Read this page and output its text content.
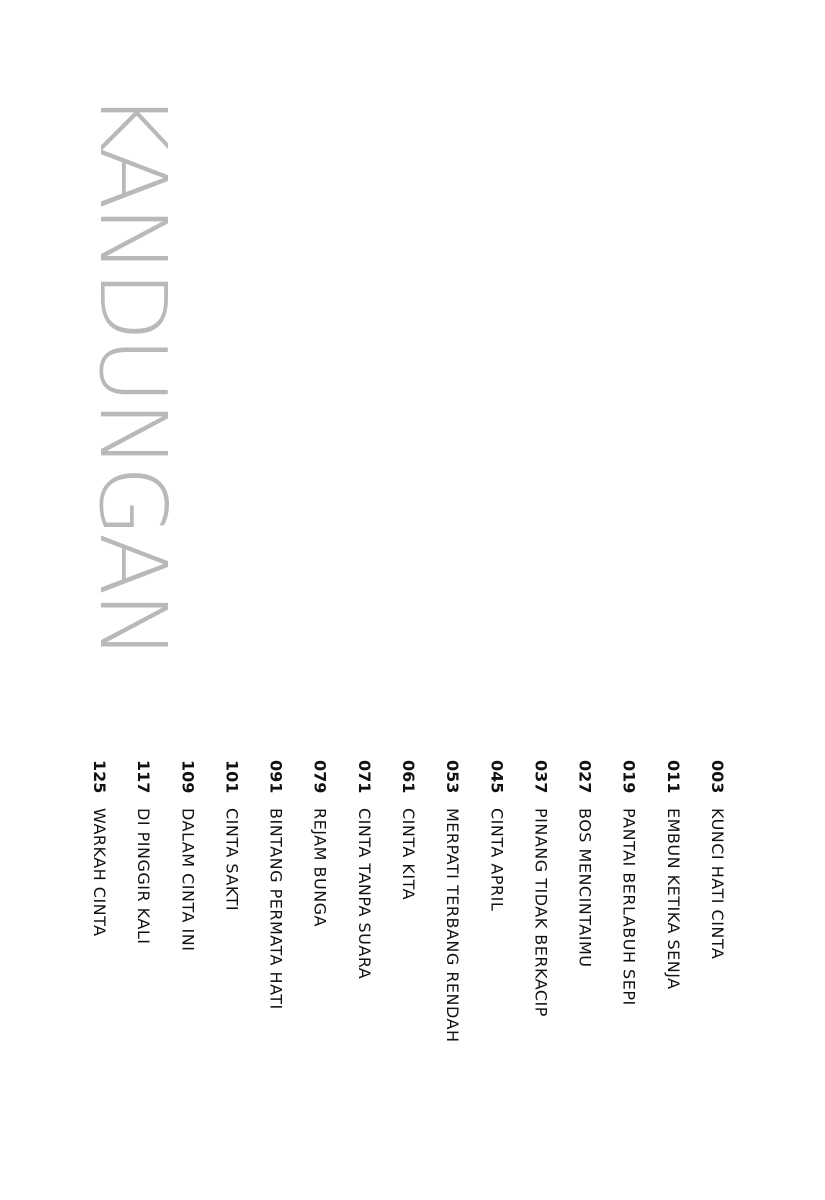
KANDUNGAN
003
KUNCI HATI CINTA
011
EMBUN KETIKA SENJA
019
PANTAI BERLABUH SEPI
027
BOS MENCINTAIMU
037
PINANG TIDAK BERKACIP
045
CINTA APRIL
053
MERPATI TERBANG RENDAH
061
CINTA KITA
071
CINTA TANPA SUARA
079
REJAM BUNGA
091
BINTANG PERMATA HATI
101
CINTA SAKTI
109
DALAM CINTA INI
117
DI PINGGIR KALI
125
WARKAH CINTA
